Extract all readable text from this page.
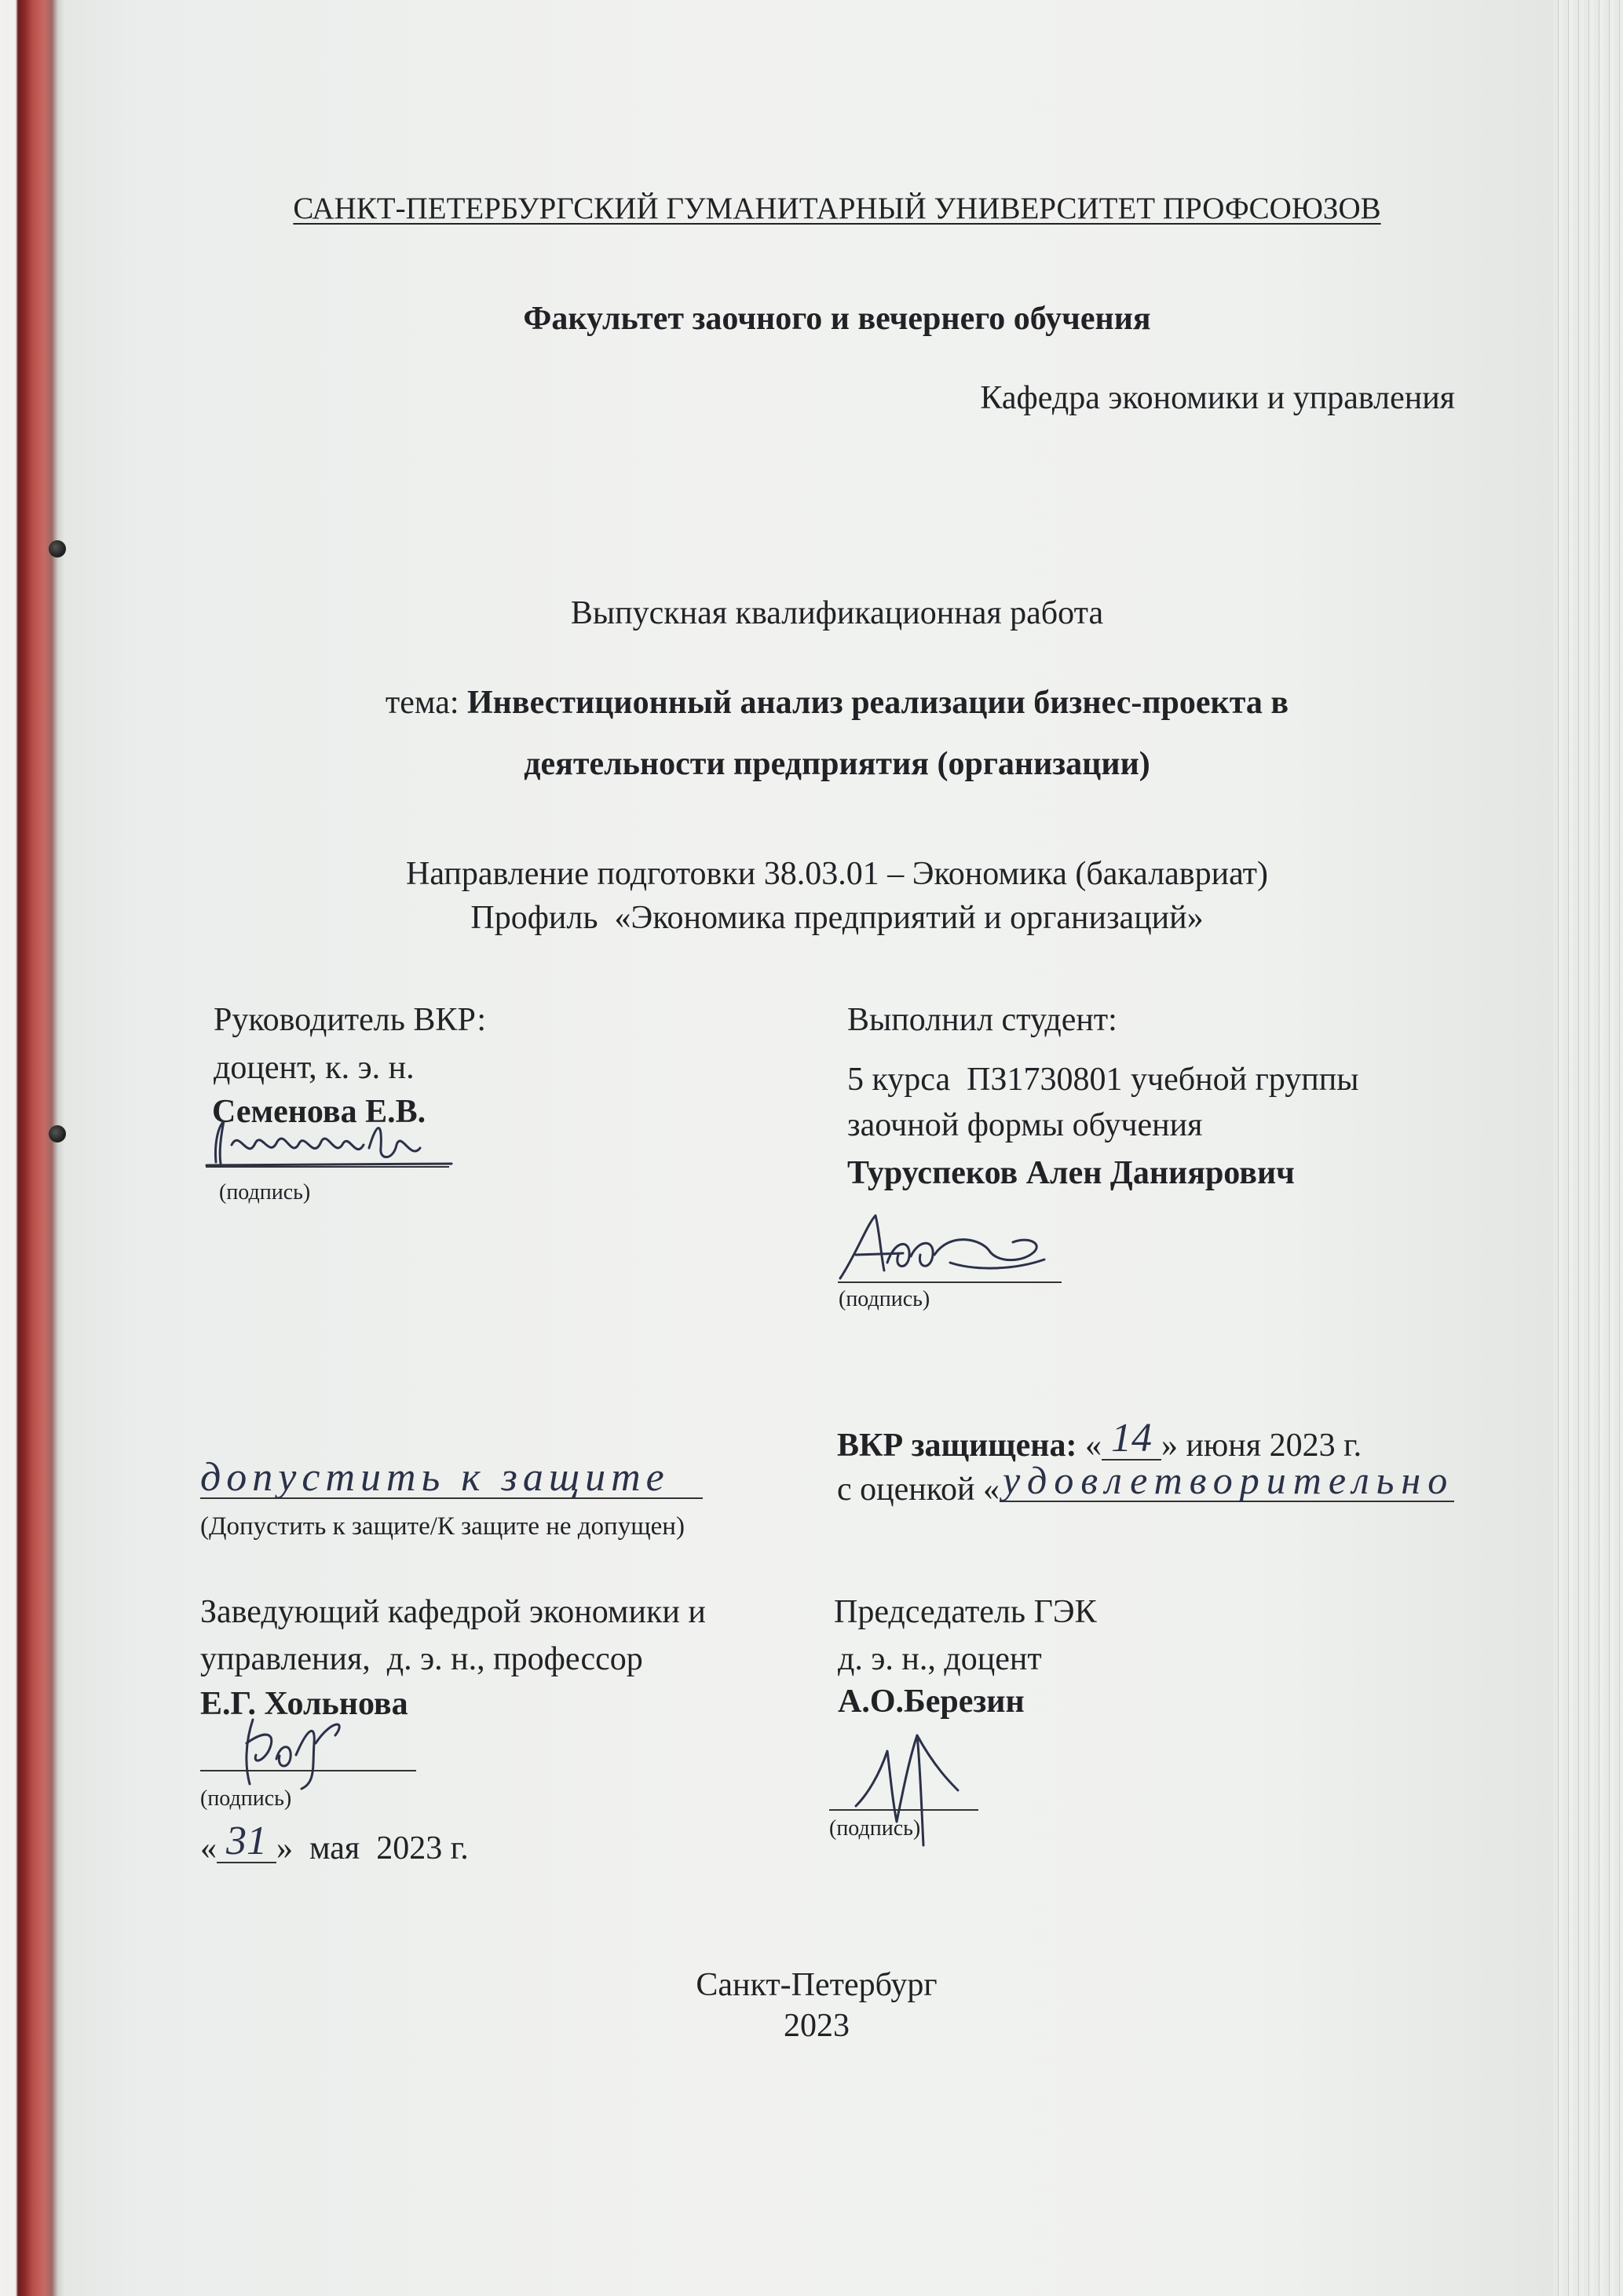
САНКТ-ПЕТЕРБУРГСКИЙ ГУМАНИТАРНЫЙ УНИВЕРСИТЕТ ПРОФСОЮЗОВ
Факультет заочного и вечернего обучения
Кафедра экономики и управления
Выпускная квалификационная работа
тема: Инвестиционный анализ реализации бизнес-проекта в
деятельности предприятия (организации)
Направление подготовки 38.03.01 – Экономика (бакалавриат)
Профиль  «Экономика предприятий и организаций»
Руководитель ВКР:
доцент, к. э. н.
Семенова Е.В.
(подпись)
Выполнил студент:
5 курса  ПЗ1730801 учебной группы
заочной формы обучения
Туруспеков Ален Даниярович
(подпись)
ВКР защищена: « 14 » июня 2023 г.
с оценкой «удовлетворительно
допустить к защите
(Допустить к защите/К защите не допущен)
Заведующий кафедрой экономики и
управления,  д. э. н., профессор
Е.Г. Хольнова
(подпись)
« 31 »  мая  2023 г.
Председатель ГЭК
д. э. н., доцент
А.О.Березин
(подпись)
Санкт-Петербург
2023
